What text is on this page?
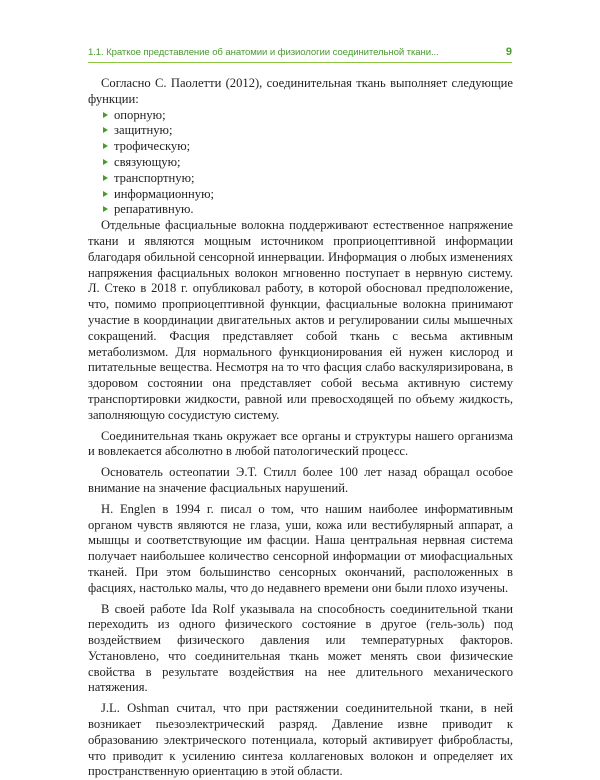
1.1. Краткое представление об анатомии и физиологии соединительной ткани...	9

Согласно С. Паолетти (2012), соединительная ткань выполняет следующие функции:

опорную;
защитную;
трофическую;
связующую;
транспортную;
информационную;
репаративную.

Отдельные фасциальные волокна поддерживают естественное напряжение ткани и являются мощным источником проприоцептивной информации благодаря обильной сенсорной иннервации. Информация о любых изменениях напряжения фасциальных волокон мгновенно поступает в нервную систему. Л. Стеко в 2018 г. опубликовал работу, в которой обосновал предположение, что, помимо проприоцептивной функции, фасциальные волокна принимают участие в координации двигательных актов и регулировании силы мышечных сокращений. Фасция представляет собой ткань с весьма активным метаболизмом. Для нормального функционирования ей нужен кислород и питательные вещества. Несмотря на то что фасция слабо васкуляризирована, в здоровом состоянии она представляет собой весьма активную систему транспортировки жидкости, равной или превосходящей по объему жидкость, заполняющую сосудистую систему.

Соединительная ткань окружает все органы и структуры нашего организма и вовлекается абсолютно в любой патологический процесс.

Основатель остеопатии Э.Т. Стилл более 100 лет назад обращал особое внимание на значение фасциальных нарушений.

H. Englen в 1994 г. писал о том, что нашим наиболее информативным органом чувств являются не глаза, уши, кожа или вестибулярный аппарат, а мышцы и соответствующие им фасции. Наша центральная нервная система получает наибольшее количество сенсорной информации от миофасциальных тканей. При этом большинство сенсорных окончаний, расположенных в фасциях, настолько малы, что до недавнего времени они были плохо изучены.

В своей работе Ida Rolf указывала на способность соединительной ткани переходить из одного физического состояние в другое (гель-золь) под воздействием физического давления или температурных факторов. Установлено, что соединительная ткань может менять свои физические свойства в результате воздействия на нее длительного механического натяжения.

J.L. Oshman считал, что при растяжении соединительной ткани, в ней возникает пьезоэлектрический разряд. Давление извне приводит к образованию электрического потенциала, который активирует фибробласты, что приводит к усилению синтеза коллагеновых волокон и определяет их пространственную ориентацию в этой области.
